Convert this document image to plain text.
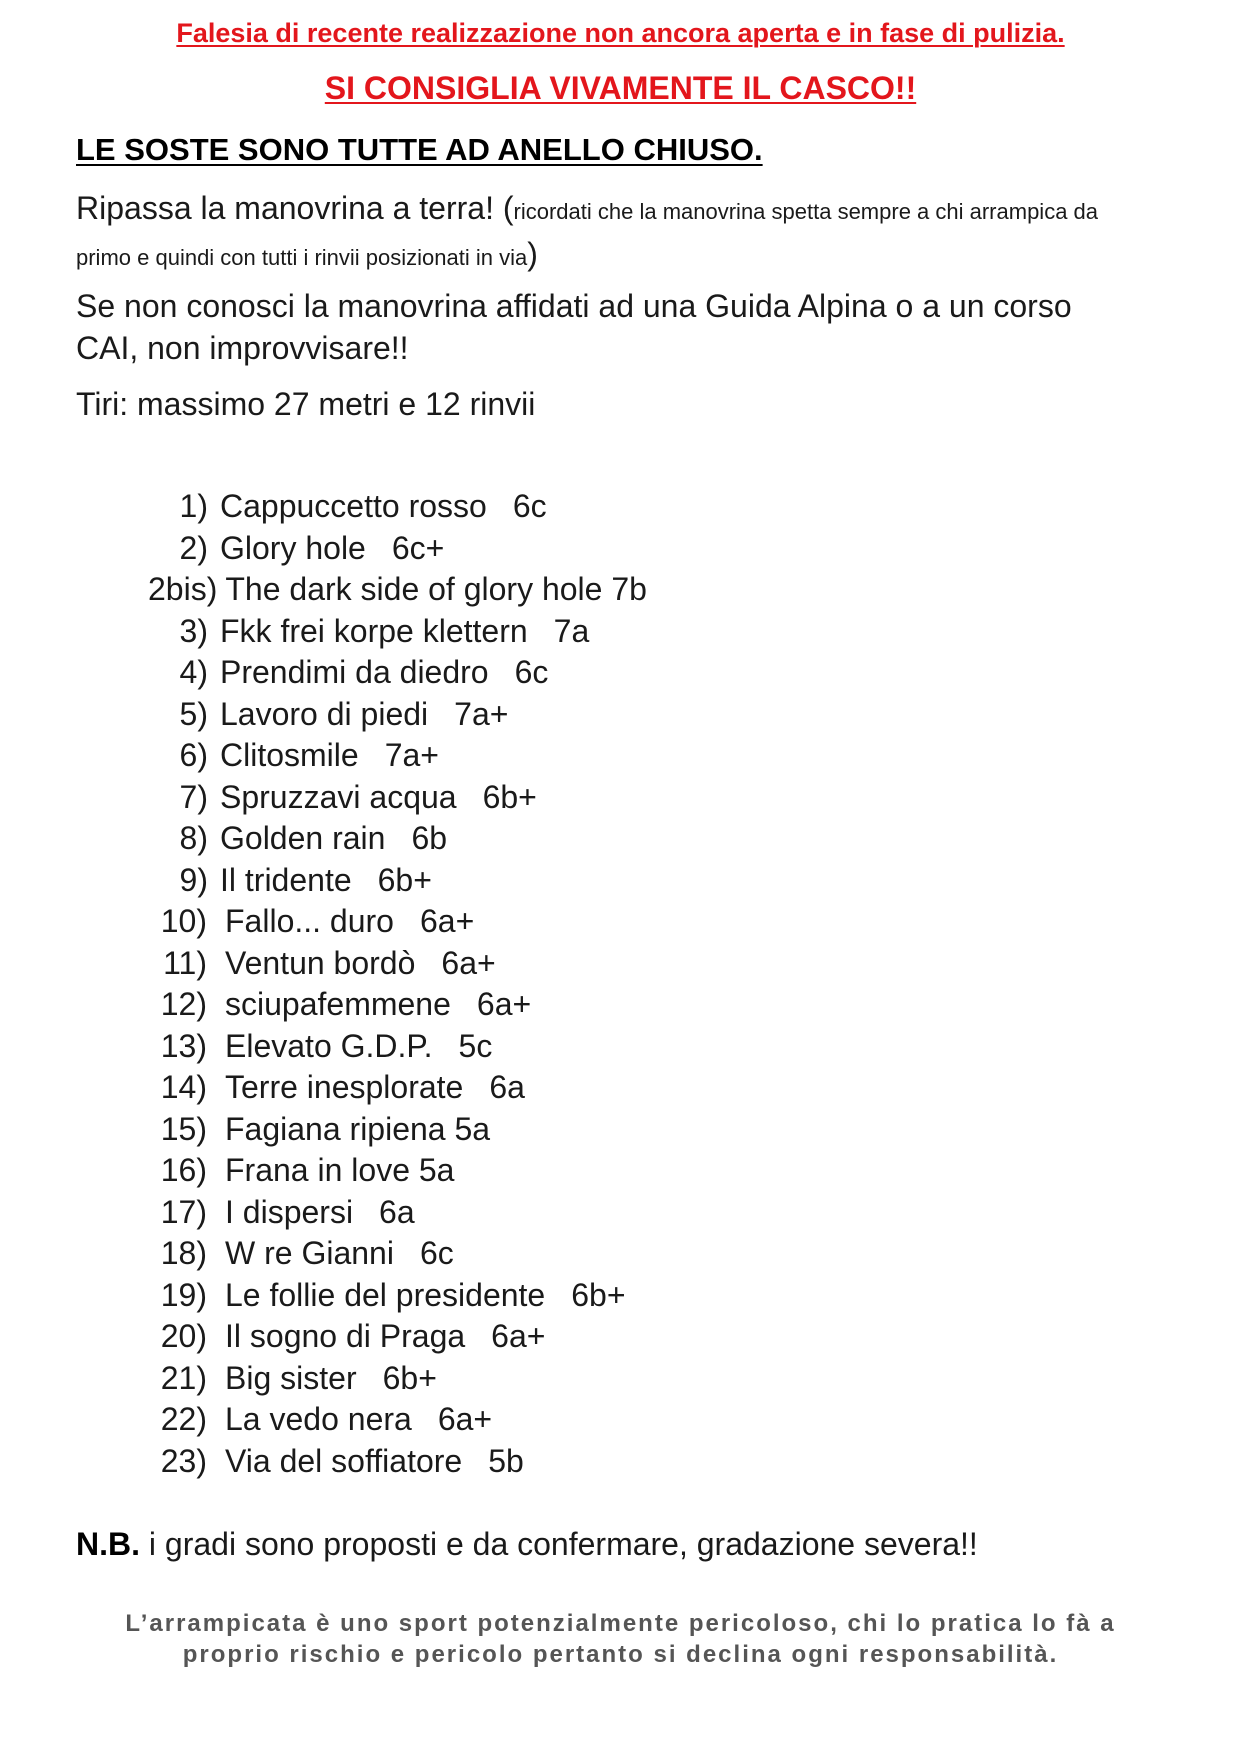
Falesia di recente realizzazione non ancora aperta e in fase di pulizia.
SI CONSIGLIA VIVAMENTE IL CASCO!!
LE SOSTE SONO TUTTE AD ANELLO CHIUSO.
Ripassa la manovrina a terra! (ricordati che la manovrina spetta sempre a chi arrampica da
primo e quindi con tutti i rinvii posizionati in via)
Se non conosci la manovrina affidati ad una Guida Alpina o a un corso
CAI, non improvvisare!!
Tiri: massimo 27 metri e 12 rinvii
1) Cappuccetto rosso 6c
2) Glory hole 6c+
2bis) The dark side of glory hole 7b
3) Fkk frei korpe klettern 7a
4) Prendimi da diedro 6c
5) Lavoro di piedi 7a+
6) Clitosmile 7a+
7) Spruzzavi acqua 6b+
8) Golden rain 6b
9) Il tridente 6b+
10) Fallo... duro 6a+
11) Ventun bordò 6a+
12) sciupafemmene 6a+
13) Elevato G.D.P. 5c
14) Terre inesplorate 6a
15) Fagiana ripiena 5a
16) Frana in love 5a
17) I dispersi 6a
18) W re Gianni 6c
19) Le follie del presidente 6b+
20) Il sogno di Praga 6a+
21) Big sister 6b+
22) La vedo nera 6a+
23) Via del soffiatore 5b
N.B. i gradi sono proposti e da confermare, gradazione severa!!
L’arrampicata è uno sport potenzialmente pericoloso, chi lo pratica lo fà a
proprio rischio e pericolo pertanto si declina ogni responsabilità.
